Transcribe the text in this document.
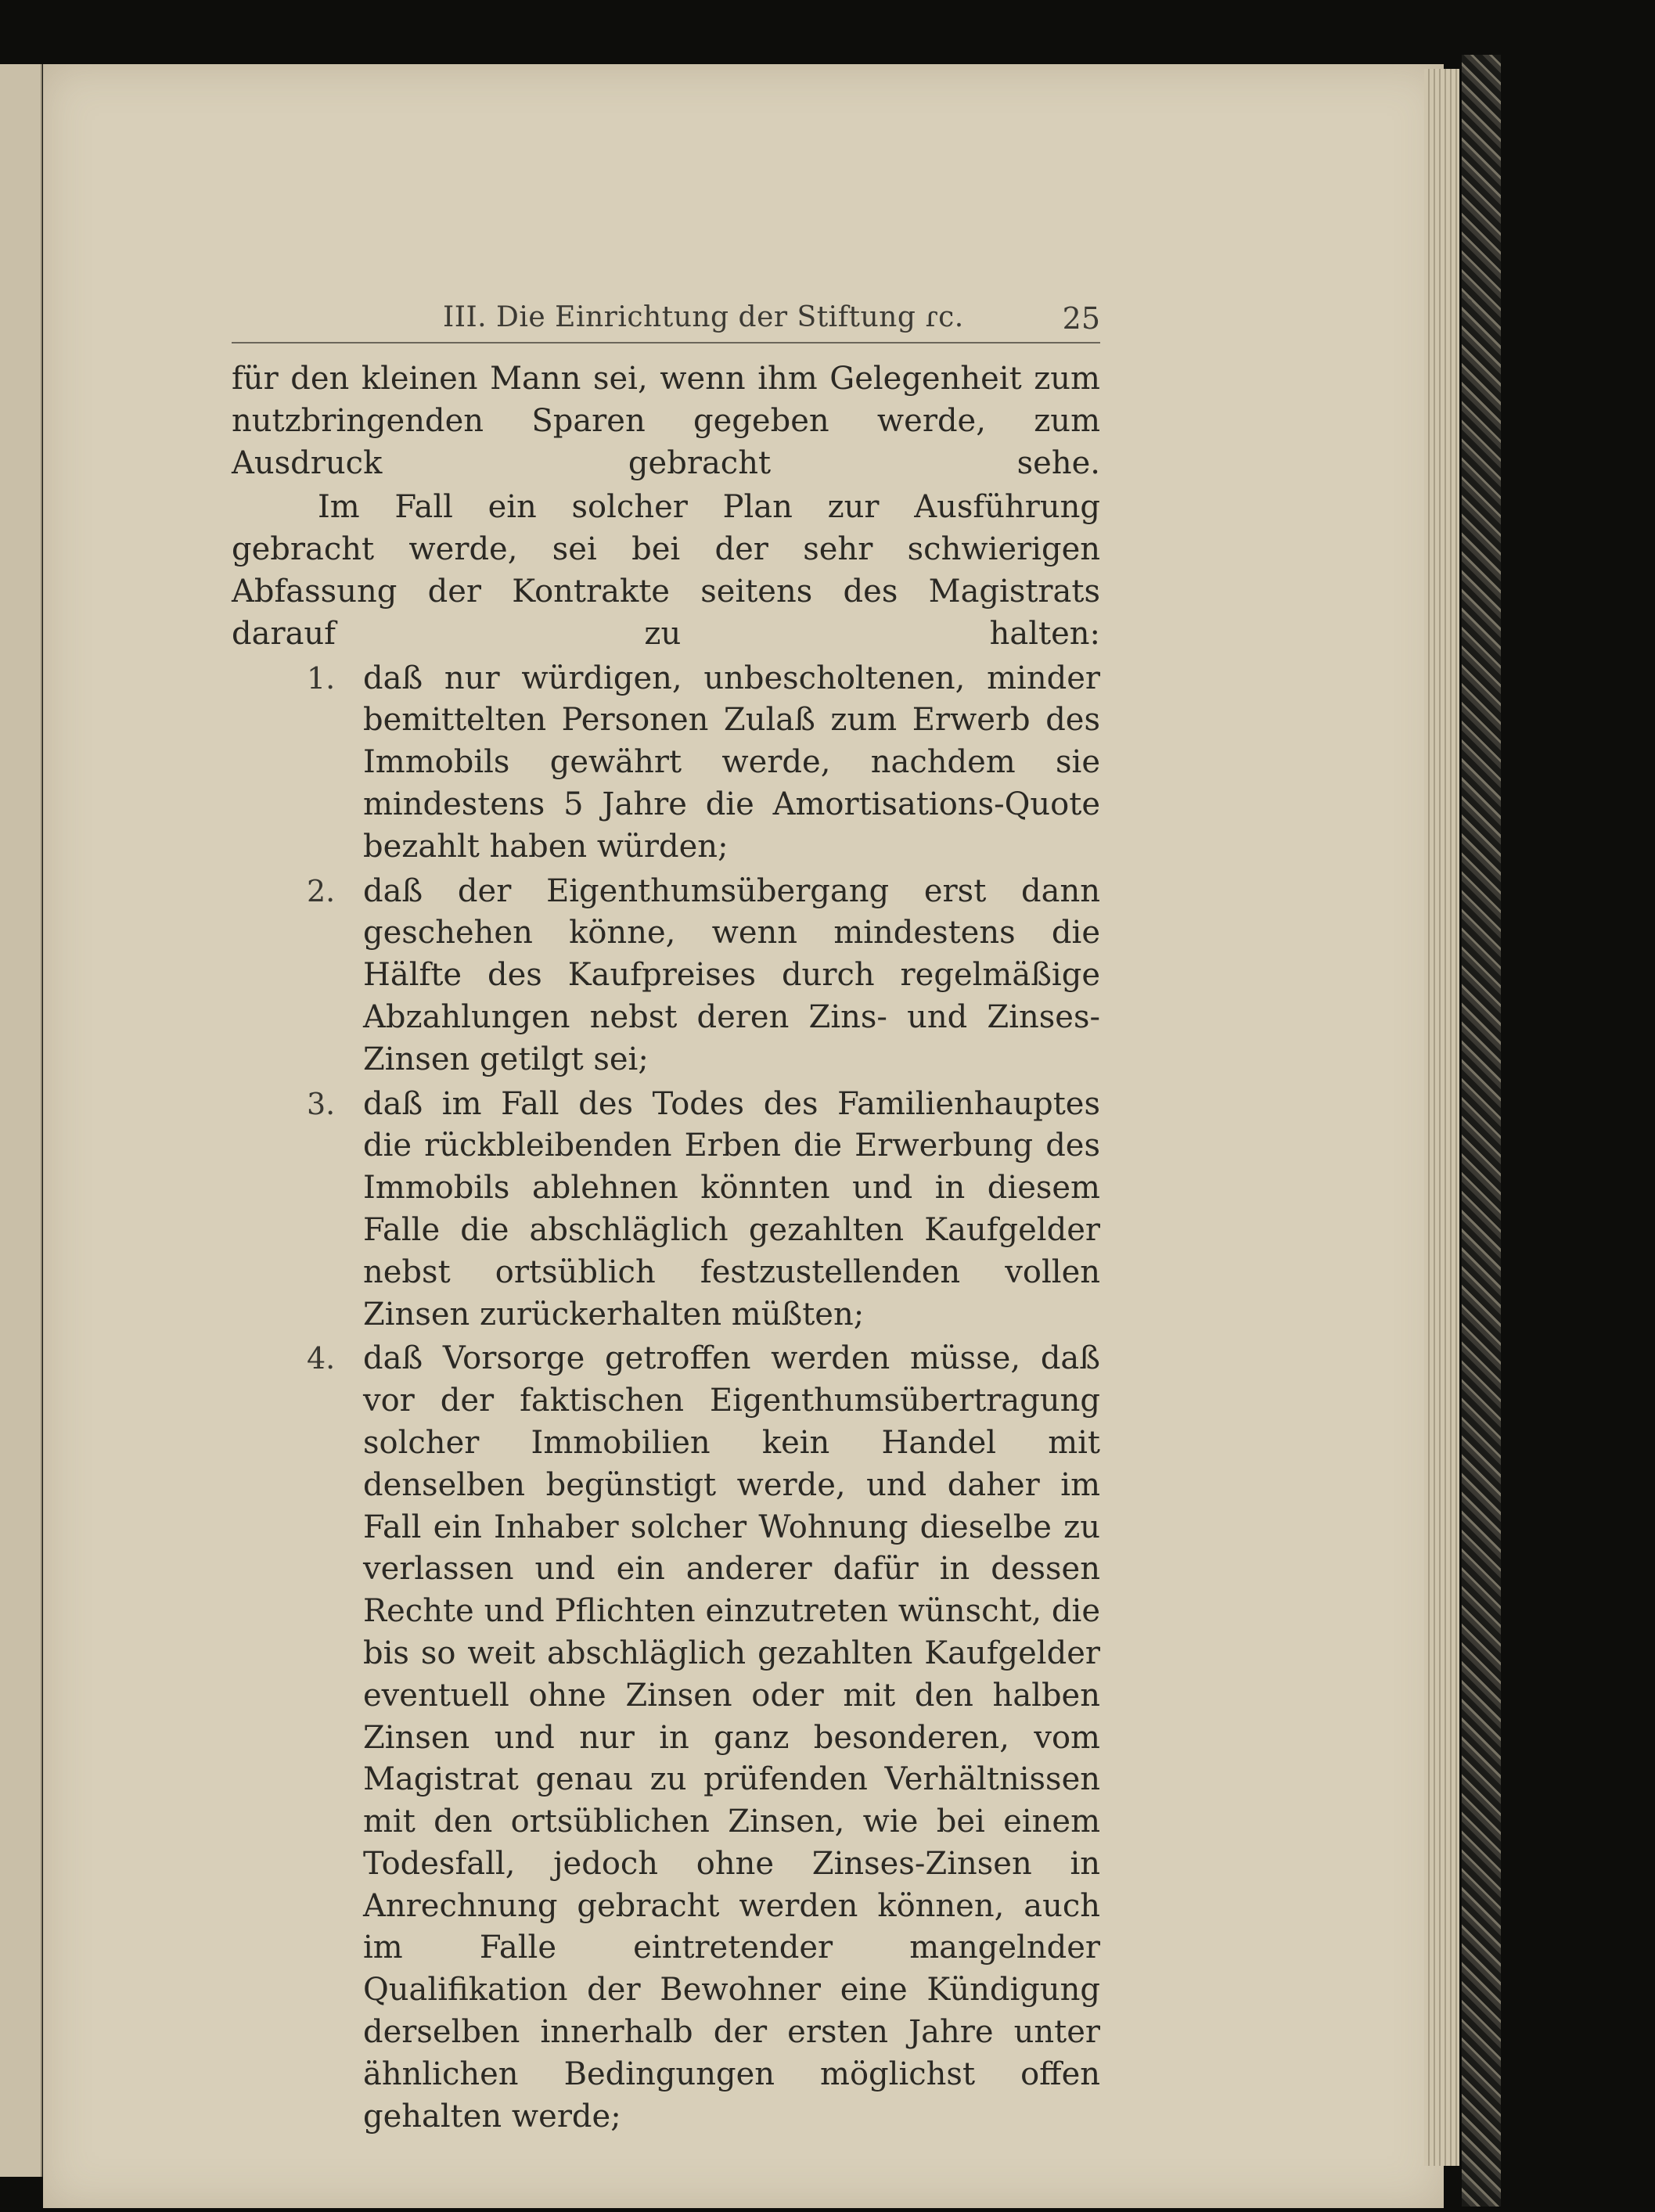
III. Die Einrichtung der Stiftung ɾc.	25

für den kleinen Mann sei, wenn ihm Gelegenheit zum nutzbringenden Sparen gegeben werde, zum Ausdruck gebracht sehe.

Im Fall ein solcher Plan zur Ausführung gebracht werde, sei bei der sehr schwierigen Abfassung der Kontrakte seitens des Magistrats darauf zu halten:

1. daß nur würdigen, unbescholtenen, minder bemittelten Personen Zulaß zum Erwerb des Immobils gewährt werde, nachdem sie mindestens 5 Jahre die Amortisations-Quote bezahlt haben würden;
2. daß der Eigenthumsübergang erst dann geschehen könne, wenn mindestens die Hälfte des Kaufpreises durch regelmäßige Abzahlungen nebst deren Zins- und Zinses-Zinsen getilgt sei;
3. daß im Fall des Todes des Familienhauptes die rückbleibenden Erben die Erwerbung des Immobils ablehnen könnten und in diesem Falle die abschläglich gezahlten Kaufgelder nebst ortsüblich festzustellenden vollen Zinsen zurückerhalten müßten;
4. daß Vorsorge getroffen werden müsse, daß vor der faktischen Eigenthumsübertragung solcher Immobilien kein Handel mit denselben begünstigt werde, und daher im Fall ein Inhaber solcher Wohnung dieselbe zu verlassen und ein anderer dafür in dessen Rechte und Pflichten einzutreten wünscht, die bis so weit abschläglich gezahlten Kaufgelder eventuell ohne Zinsen oder mit den halben Zinsen und nur in ganz besonderen, vom Magistrat genau zu prüfenden Verhältnissen mit den ortsüblichen Zinsen, wie bei einem Todesfall, jedoch ohne Zinses-Zinsen in Anrechnung gebracht werden können, auch im Falle eintretender mangelnder Qualifikation der Bewohner eine Kündigung derselben innerhalb der ersten Jahre unter ähnlichen Bedingungen möglichst offen gehalten werde;
